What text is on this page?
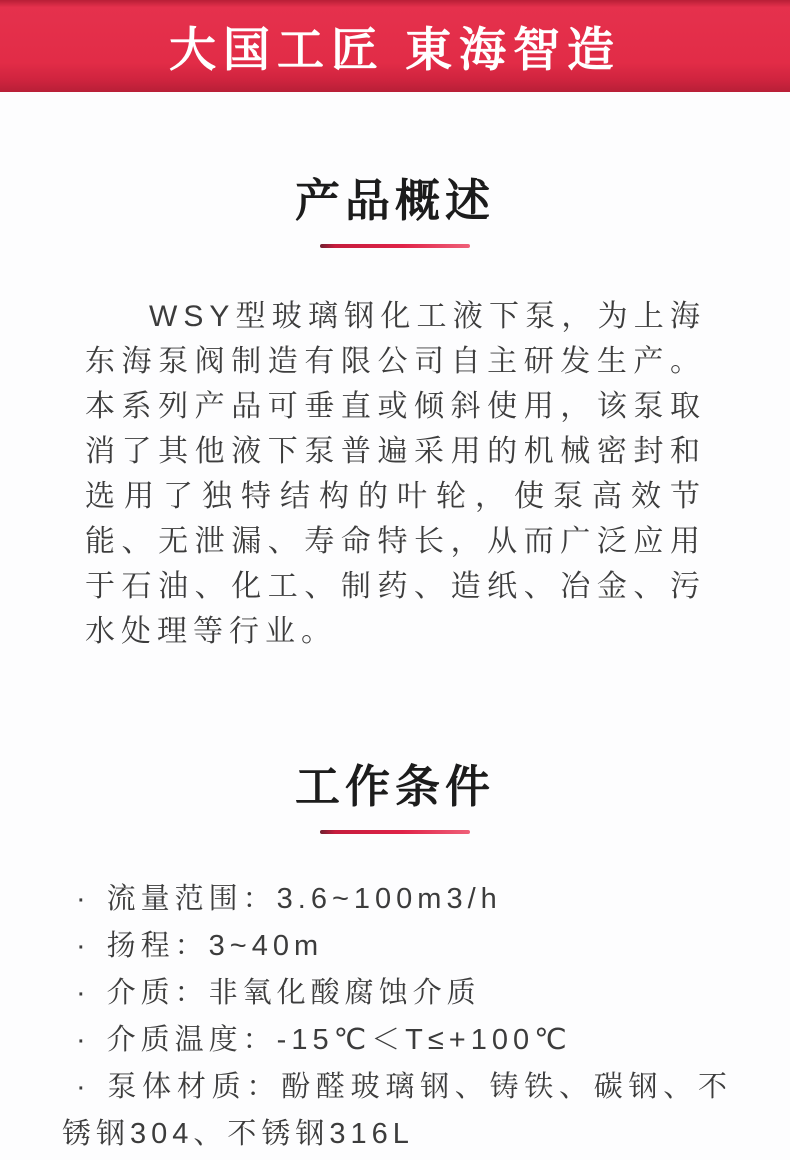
大国工匠 東海智造
产品概述

WSY型玻璃钢化工液下泵，为上海东海泵阀制造有限公司自主研发生产。本系列产品可垂直或倾斜使用，该泵取消了其他液下泵普遍采用的机械密封和选用了独特结构的叶轮，使泵高效节能、无泄漏、寿命特长，从而广泛应用于石油、化工、制药、造纸、冶金、污水处理等行业。

工作条件
· 流量范围：3.6~100m3/h
· 扬程：3~40m
· 介质：非氧化酸腐蚀介质
· 介质温度：-15℃＜T≤+100℃
· 泵体材质：酚醛玻璃钢、铸铁、碳钢、不锈钢304、不锈钢316L
